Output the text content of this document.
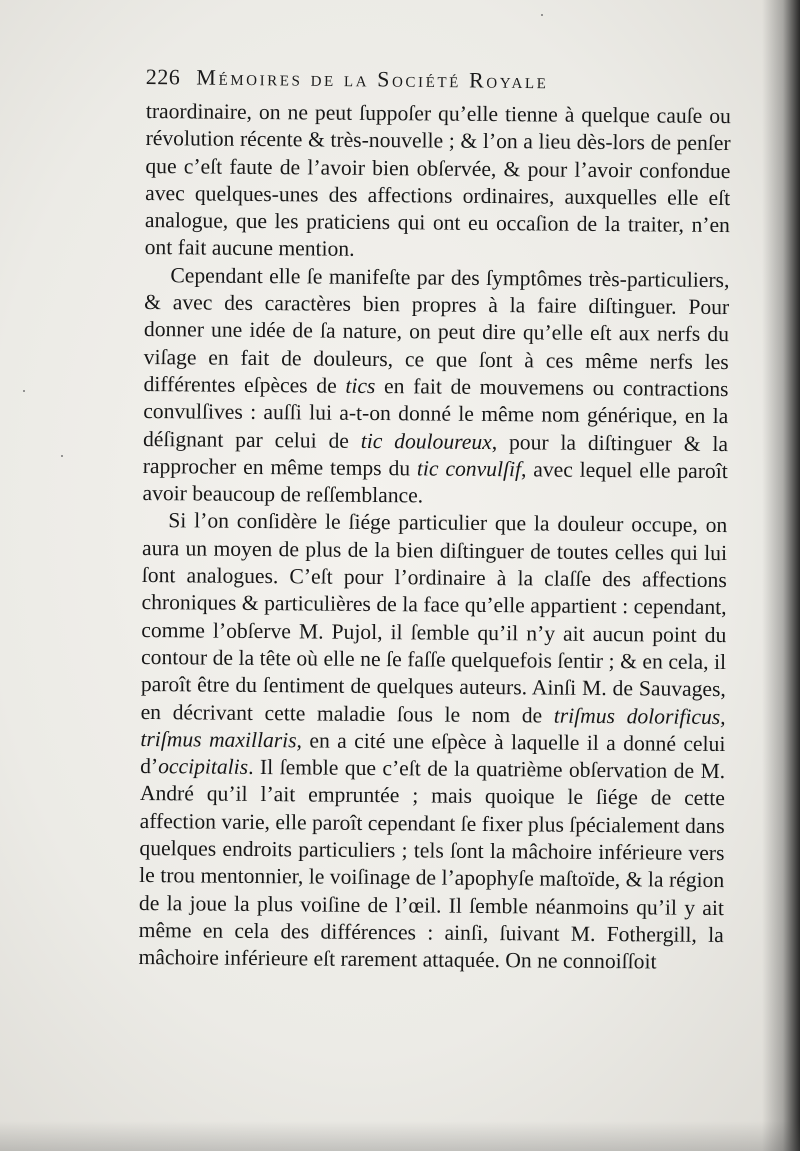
226 Mémoires de la Société Royale

traordinaire, on ne peut ſuppoſer qu’elle tienne à quelque cauſe ou révolution récente & très-nouvelle ; & l’on a lieu dès-lors de penſer que c’eſt faute de l’avoir bien obſervée, & pour l’avoir confondue avec quelques-unes des affections ordinaires, auxquelles elle eſt analogue, que les praticiens qui ont eu occaſion de la traiter, n’en ont fait aucune mention.

Cependant elle ſe manifeſte par des ſymptômes très-particuliers, & avec des caractères bien propres à la faire diſtinguer. Pour donner une idée de ſa nature, on peut dire qu’elle eſt aux nerfs du viſage en fait de douleurs, ce que ſont à ces même nerfs les différentes eſpèces de tics en fait de mouvemens ou contractions convulſives : auſſi lui a-t-on donné le même nom générique, en la déſignant par celui de tic douloureux, pour la diſtinguer & la rapprocher en même temps du tic convulſif, avec lequel elle paroît avoir beaucoup de reſſemblance.

Si l’on conſidère le ſiége particulier que la douleur occupe, on aura un moyen de plus de la bien diſtinguer de toutes celles qui lui ſont analogues. C’eſt pour l’ordinaire à la claſſe des affections chroniques & particulières de la face qu’elle appartient : cependant, comme l’obſerve M. Pujol, il ſemble qu’il n’y ait aucun point du contour de la tête où elle ne ſe faſſe quelquefois ſentir ; & en cela, il paroît être du ſentiment de quelques auteurs. Ainſi M. de Sauvages, en décrivant cette maladie ſous le nom de triſmus dolorificus, triſmus maxillaris, en a cité une eſpèce à laquelle il a donné celui d’occipitalis. Il ſemble que c’eſt de la quatrième obſervation de M. André qu’il l’ait empruntée ; mais quoique le ſiége de cette affection varie, elle paroît cependant ſe fixer plus ſpécialement dans quelques endroits particuliers ; tels ſont la mâchoire inférieure vers le trou mentonnier, le voiſinage de l’apophyſe maſtoïde, & la région de la joue la plus voiſine de l’œil. Il ſemble néanmoins qu’il y ait même en cela des différences : ainſi, ſuivant M. Fothergill, la mâchoire inférieure eſt rarement attaquée. On ne connoiſſoit
